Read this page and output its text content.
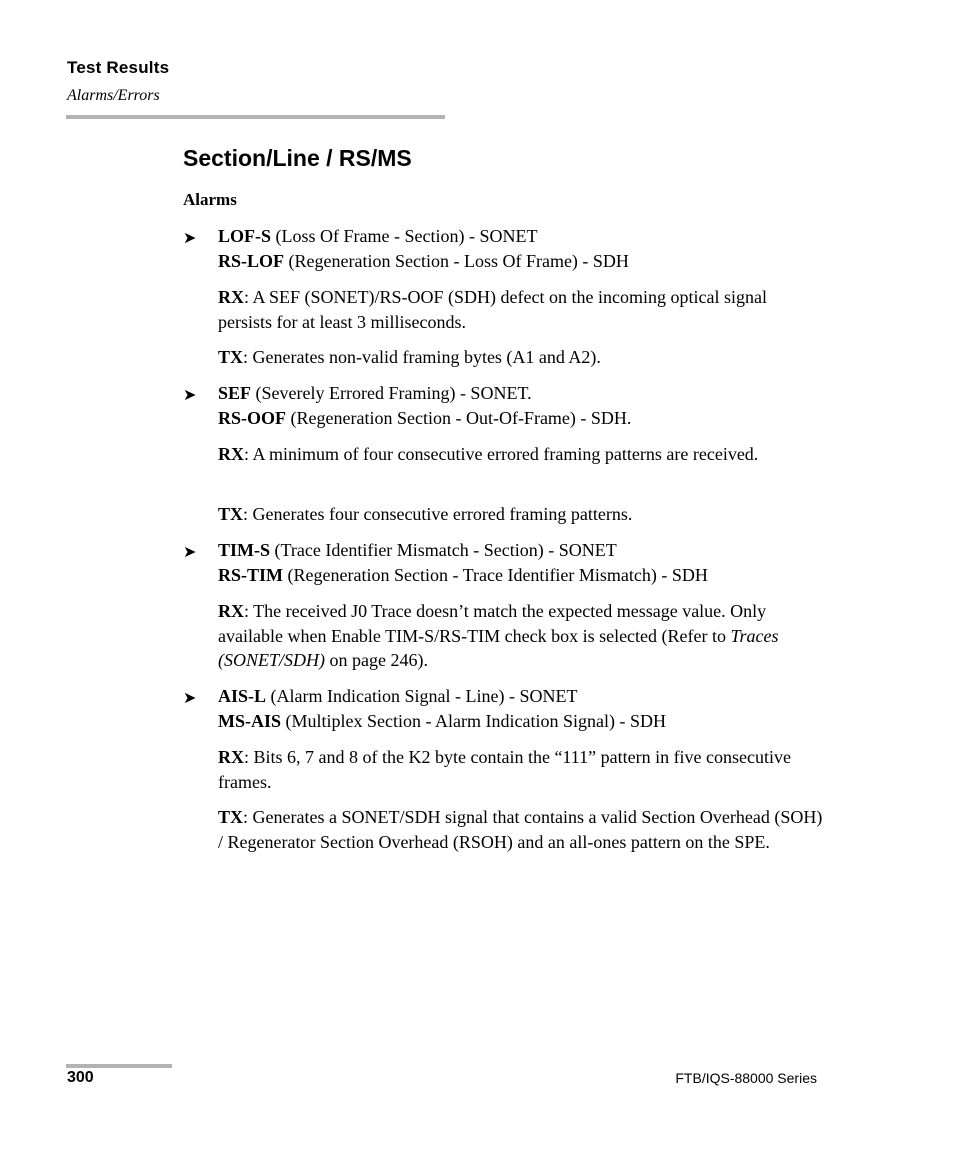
Test Results
Alarms/Errors
Section/Line / RS/MS
Alarms
➤ LOF-S (Loss Of Frame - Section) - SONET
RS-LOF (Regeneration Section - Loss Of Frame) - SDH

RX: A SEF (SONET)/RS-OOF (SDH) defect on the incoming optical signal persists for at least 3 milliseconds.

TX: Generates non-valid framing bytes (A1 and A2).

➤ SEF (Severely Errored Framing) - SONET.
RS-OOF (Regeneration Section - Out-Of-Frame) - SDH.

RX: A minimum of four consecutive errored framing patterns are received.

TX: Generates four consecutive errored framing patterns.

➤ TIM-S (Trace Identifier Mismatch - Section) - SONET
RS-TIM (Regeneration Section - Trace Identifier Mismatch) - SDH

RX: The received J0 Trace doesn’t match the expected message value. Only available when Enable TIM-S/RS-TIM check box is selected (Refer to Traces (SONET/SDH) on page 246).

➤ AIS-L (Alarm Indication Signal - Line) - SONET
MS-AIS (Multiplex Section - Alarm Indication Signal) - SDH

RX: Bits 6, 7 and 8 of the K2 byte contain the “111” pattern in five consecutive frames.

TX: Generates a SONET/SDH signal that contains a valid Section Overhead (SOH) / Regenerator Section Overhead (RSOH) and an all-ones pattern on the SPE.

300	FTB/IQS-88000 Series
